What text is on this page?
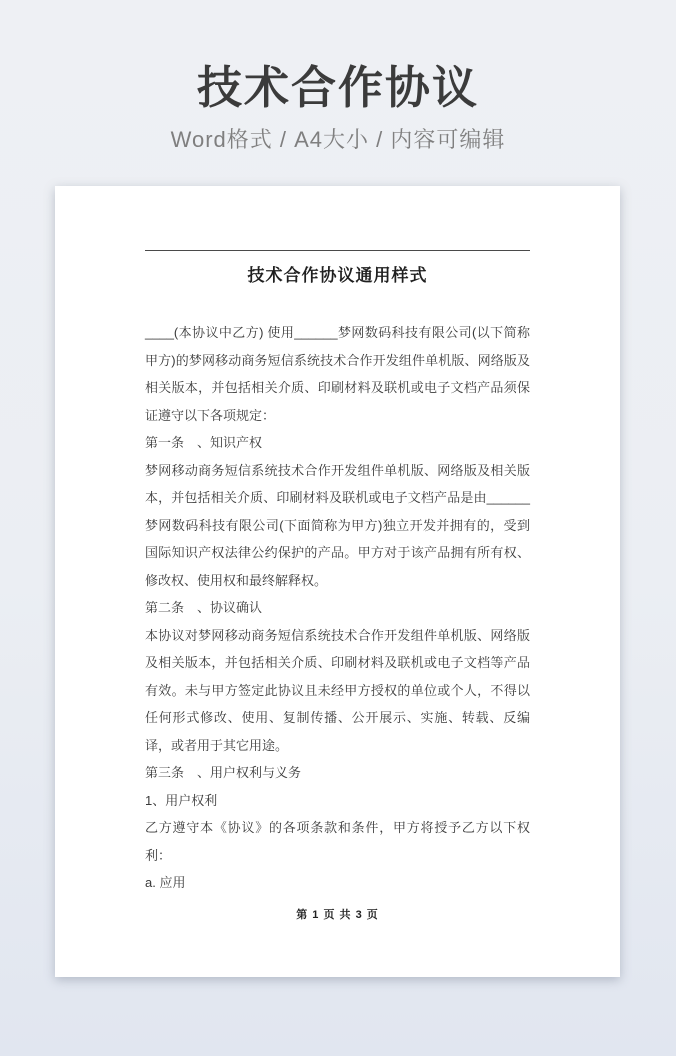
技术合作协议
Word格式 / A4大小 / 内容可编辑
技术合作协议通用样式

____(本协议中乙方) 使用______梦网数码科技有限公司(以下简称甲方)的梦网移动商务短信系统技术合作开发组件单机版、网络版及相关版本，并包括相关介质、印刷材料及联机或电子文档产品须保证遵守以下各项规定：

第一条　、知识产权

梦网移动商务短信系统技术合作开发组件单机版、网络版及相关版本，并包括相关介质、印刷材料及联机或电子文档产品是由______梦网数码科技有限公司(下面简称为甲方)独立开发并拥有的，受到国际知识产权法律公约保护的产品。甲方对于该产品拥有所有权、修改权、使用权和最终解释权。

第二条　、协议确认

本协议对梦网移动商务短信系统技术合作开发组件单机版、网络版及相关版本，并包括相关介质、印刷材料及联机或电子文档等产品有效。未与甲方签定此协议且未经甲方授权的单位或个人，不得以任何形式修改、使用、复制传播、公开展示、实施、转载、反编译，或者用于其它用途。

第三条　、用户权利与义务

1、用户权利

乙方遵守本《协议》的各项条款和条件，甲方将授予乙方以下权利：

a. 应用

第 1 页 共 3 页
